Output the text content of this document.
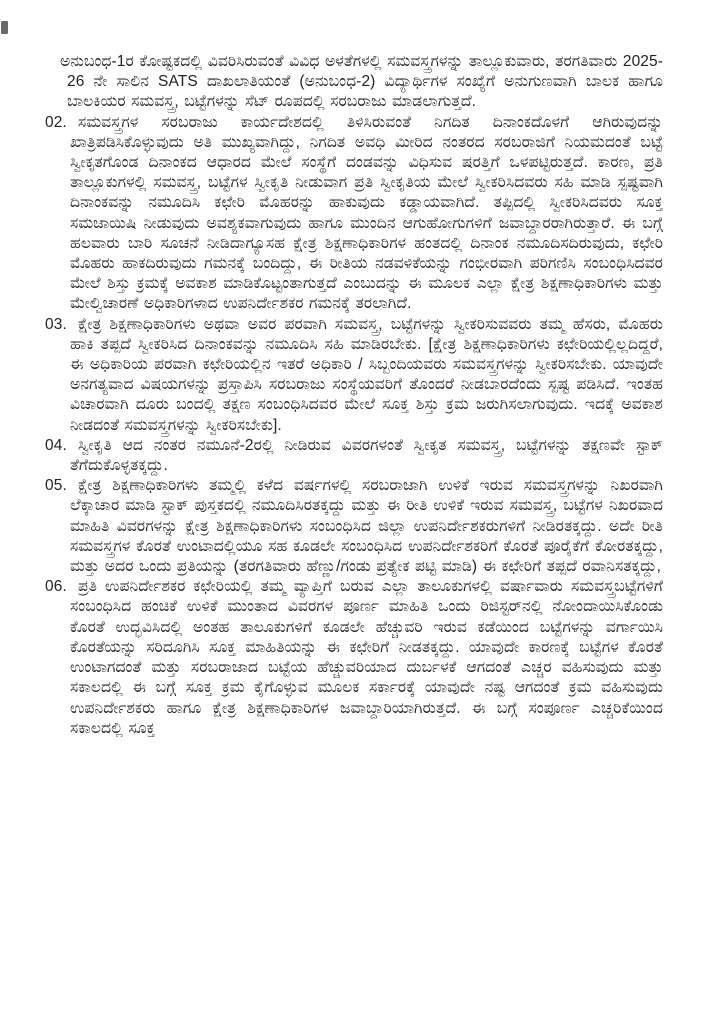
ಅನುಬಂಧ-1ರ ಕೋಷ್ಟಕದಲ್ಲಿ ವಿವರಿಸಿರುವಂತೆ ವಿವಿಧ ಅಳತೆಗಳಲ್ಲಿ ಸಮವಸ್ತ್ರಗಳನ್ನು ತಾಲ್ಲೂಕುವಾರು, ತರಗತಿವಾರು 2025-26 ನೇ ಸಾಲಿನ SATS ದಾಖಲಾತಿಯಂತೆ (ಅನುಬಂಧ-2) ವಿದ್ಯಾರ್ಥಿಗಳ ಸಂಖ್ಯೆಗೆ ಅನುಗುಣವಾಗಿ ಬಾಲಕ ಹಾಗೂ ಬಾಲಕಿಯರ ಸಮವಸ್ತ್ರ, ಬಟ್ಟೆಗಳನ್ನು ಸೆಟ್ ರೂಪದಲ್ಲಿ ಸರಬರಾಜು ಮಾಡಲಾಗುತ್ತದೆ.
02. ಸಮವಸ್ತ್ರಗಳ ಸರಬರಾಜು ಕಾರ್ಯದೇಶದಲ್ಲಿ ತಿಳಿಸಿರುವಂತೆ ನಿಗದಿತ ದಿನಾಂಕದೊಳಗೆ ಆಗಿರುವುದನ್ನು ಖಾತ್ರಿಪಡಿಸಿಕೊಳ್ಳುವುದು ಅತಿ ಮುಖ್ಯವಾಗಿದ್ದು, ನಿಗದಿತ ಅವಧಿ ಮೀರಿದ ನಂತರದ ಸರಬರಾಜಿಗೆ ನಿಯಮದಂತೆ ಬಟ್ಟೆ ಸ್ವೀಕೃತಗೊಂಡ ದಿನಾಂಕದ ಆಧಾರದ ಮೇಲೆ ಸಂಸ್ಥೆಗೆ ದಂಡವನ್ನು ವಿಧಿಸುವ ಷರತ್ತಿಗೆ ಒಳಪಟ್ಟಿರುತ್ತದೆ. ಕಾರಣ, ಪ್ರತಿ ತಾಲ್ಲೂಕುಗಳಲ್ಲಿ ಸಮವಸ್ತ್ರ, ಬಟ್ಟೆಗಳ ಸ್ವೀಕೃತಿ ನೀಡುವಾಗ ಪ್ರತಿ ಸ್ವೀಕೃತಿಯ ಮೇಲೆ ಸ್ವೀಕರಿಸಿದವರು ಸಹಿ ಮಾಡಿ ಸ್ಪಷ್ಟವಾಗಿ ದಿನಾಂಕವನ್ನು ನಮೂದಿಸಿ ಕಛೇರಿ ಮೊಹರನ್ನು ಹಾಕುವುದು ಕಡ್ಡಾಯವಾಗಿದೆ. ತಪ್ಪಿದಲ್ಲಿ ಸ್ವೀಕರಿಸಿದವರು ಸೂಕ್ತ ಸಮಜಾಯಿಷಿ ನೀಡುವುದು ಅವಶ್ಯಕವಾಗುವುದು ಹಾಗೂ ಮುಂದಿನ ಆಗುಹೋಗುಗಳಿಗೆ ಜವಾಬ್ದಾರರಾಗಿರುತ್ತಾರೆ. ಈ ಬಗ್ಗೆ ಹಲವಾರು ಬಾರಿ ಸೂಚನೆ ನೀಡಿದಾಗ್ಯೂಸಹ ಕ್ಷೇತ್ರ ಶಿಕ್ಷಣಾಧಿಕಾರಿಗಳ ಹಂತದಲ್ಲಿ ದಿನಾಂಕ ನಮೂದಿಸದಿರುವುದು, ಕಛೇರಿ ಮೊಹರು ಹಾಕದಿರುವುದು ಗಮನಕ್ಕೆ ಬಂದಿದ್ದು, ಈ ರೀತಿಯ ನಡವಳಿಕೆಯನ್ನು ಗಂಭೀರವಾಗಿ ಪರಿಗಣಿಸಿ ಸಂಬಂಧಿಸಿದವರ ಮೇಲೆ ಶಿಸ್ತು ಕ್ರಮಕ್ಕೆ ಅವಕಾಶ ಮಾಡಿಕೊಟ್ಟಂತಾಗುತ್ತದೆ ಎಂಬುದನ್ನು ಈ ಮೂಲಕ ಎಲ್ಲಾ ಕ್ಷೇತ್ರ ಶಿಕ್ಷಣಾಧಿಕಾರಿಗಳು ಮತ್ತು ಮೇಲ್ವಿಚಾರಣೆ ಅಧಿಕಾರಿಗಳಾದ ಉಪನಿರ್ದೇಶಕರ ಗಮನಕ್ಕೆ ತರಲಾಗಿದೆ.
03. ಕ್ಷೇತ್ರ ಶಿಕ್ಷಣಾಧಿಕಾರಿಗಳು ಅಥವಾ ಅವರ ಪರವಾಗಿ ಸಮವಸ್ತ್ರ, ಬಟ್ಟೆಗಳನ್ನು ಸ್ವೀಕರಿಸುವವರು ತಮ್ಮ ಹೆಸರು, ಮೊಹರು ಹಾಕಿ ತಪ್ಪದೆ ಸ್ವೀಕರಿಸಿದ ದಿನಾಂಕವನ್ನು ನಮೂದಿಸಿ ಸಹಿ ಮಾಡಿರಬೇಕು. [ಕ್ಷೇತ್ರ ಶಿಕ್ಷಣಾಧಿಕಾರಿಗಳು ಕಛೇರಿಯಲ್ಲಿಲ್ಲದಿದ್ದರೆ, ಈ ಅಧಿಕಾರಿಯ ಪರವಾಗಿ ಕಛೇರಿಯಲ್ಲಿನ ಇತರೆ ಅಧಿಕಾರಿ / ಸಿಬ್ಬಂದಿಯವರು ಸಮವಸ್ತ್ರಗಳನ್ನು ಸ್ವೀಕರಿಸಬೇಕು. ಯಾವುದೇ ಅನಗತ್ಯವಾದ ವಿಷಯಗಳನ್ನು ಪ್ರಸ್ತಾಪಿಸಿ ಸರಬರಾಜು ಸಂಸ್ಥೆಯವರಿಗೆ ತೊಂದರೆ ನೀಡಬಾರದೆಂದು ಸ್ಪಷ್ಟ ಪಡಿಸಿದೆ. ಇಂತಹ ವಿಚಾರವಾಗಿ ದೂರು ಬಂದಲ್ಲಿ ತಕ್ಷಣ ಸಂಬಂಧಿಸಿದವರ ಮೇಲೆ ಸೂಕ್ತ ಶಿಸ್ತು ಕ್ರಮ ಜರುಗಿಸಲಾಗುವುದು. ಇದಕ್ಕೆ ಅವಕಾಶ ನೀಡದಂತೆ ಸಮವಸ್ತ್ರಗಳನ್ನು ಸ್ವೀಕರಿಸಬೇಕು].
04. ಸ್ವೀಕೃತಿ ಆದ ನಂತರ ನಮೂನೆ-2ರಲ್ಲಿ ನೀಡಿರುವ ವಿವರಗಳಂತೆ ಸ್ವೀಕೃತ ಸಮವಸ್ತ್ರ, ಬಟ್ಟೆಗಳನ್ನು ತಕ್ಷಣವೇ ಸ್ಟಾಕ್ ತೆಗೆದುಕೊಳ್ಳತಕ್ಕದ್ದು.
05. ಕ್ಷೇತ್ರ ಶಿಕ್ಷಣಾಧಿಕಾರಿಗಳು ತಮ್ಮಲ್ಲಿ ಕಳೆದ ವರ್ಷಗಳಲ್ಲಿ ಸರಬರಾಜಾಗಿ ಉಳಿಕೆ ಇರುವ ಸಮವಸ್ತ್ರಗಳನ್ನು ನಿಖರವಾಗಿ ಲೆಕ್ಕಾಚಾರ ಮಾಡಿ ಸ್ಟಾಕ್ ಪುಸ್ತಕದಲ್ಲಿ ನಮೂದಿಸಿರತಕ್ಕದ್ದು ಮತ್ತು ಈ ರೀತಿ ಉಳಿಕೆ ಇರುವ ಸಮವಸ್ತ್ರ, ಬಟ್ಟೆಗಳ ನಿಖರವಾದ ಮಾಹಿತಿ ವಿವರಗಳನ್ನು ಕ್ಷೇತ್ರ ಶಿಕ್ಷಣಾಧಿಕಾರಿಗಳು ಸಂಬಂಧಿಸಿದ ಜಿಲ್ಲಾ ಉಪನಿರ್ದೇಶಕರುಗಳಿಗೆ ನೀಡಿರತಕ್ಕದ್ದು. ಅದೇ ರೀತಿ ಸಮವಸ್ತ್ರಗಳ ಕೊರತೆ ಉಂಟಾದಲ್ಲಿಯೂ ಸಹ ಕೂಡಲೇ ಸಂಬಂಧಿಸಿದ ಉಪನಿರ್ದೇಶಕರಿಗೆ ಕೊರತೆ ಪೂರೈಕೆಗೆ ಕೋರತಕ್ಕದ್ದು, ಮತ್ತು ಅದರ ಒಂದು ಪ್ರತಿಯನ್ನು (ತರಗತಿವಾರು ಹೆಣ್ಣು/ಗಂಡು ಪ್ರತ್ಯೇಕ ಪಟ್ಟಿ ಮಾಡಿ) ಈ ಕಛೇರಿಗೆ ತಪ್ಪದೆ ರವಾನಿಸತಕ್ಕದ್ದು,
06. ಪ್ರತಿ ಉಪನಿರ್ದೇಶಕರ ಕಛೇರಿಯಲ್ಲಿ ತಮ್ಮ ವ್ಯಾಪ್ತಿಗೆ ಬರುವ ಎಲ್ಲಾ ತಾಲೂಕುಗಳಲ್ಲಿ ವರ್ಷಾವಾರು ಸಮವಸ್ತ್ರಬಟ್ಟೆಗಳಿಗೆ ಸಂಬಂಧಿಸಿದ ಹಂಚಿಕೆ ಉಳಿಕೆ ಮುಂತಾದ ವಿವರಗಳ ಪೂರ್ಣ ಮಾಹಿತಿ ಒಂದು ರಿಜಿಸ್ಟರ್‌ನಲ್ಲಿ ನೋಂದಾಯಿಸಿಕೊಂಡು ಕೊರತೆ ಉದ್ಭವಿಸಿದಲ್ಲಿ ಅಂತಹ ತಾಲೂಕುಗಳಿಗೆ ಕೂಡಲೇ ಹೆಚ್ಚುವರಿ ಇರುವ ಕಡೆಯಿಂದ ಬಟ್ಟೆಗಳನ್ನು ವರ್ಗಾಯಿಸಿ ಕೊರತೆಯನ್ನು ಸರಿದೂಗಿಸಿ ಸೂಕ್ತ ಮಾಹಿತಿಯನ್ನು ಈ ಕಛೇರಿಗೆ ನೀಡತಕ್ಕದ್ದು. ಯಾವುದೇ ಕಾರಣಕ್ಕೆ ಬಟ್ಟೆಗಳ ಕೊರತೆ ಉಂಟಾಗದಂತೆ ಮತ್ತು ಸರಬರಾಜಾದ ಬಟ್ಟೆಯ ಹೆಚ್ಚುವರಿಯಾದ ದುರ್ಬಳಕೆ ಆಗದಂತೆ ಎಚ್ಚರ ವಹಿಸುವುದು ಮತ್ತು ಸಕಾಲದಲ್ಲಿ ಈ ಬಗ್ಗೆ ಸೂಕ್ತ ಕ್ರಮ ಕೈಗೊಳ್ಳುವ ಮೂಲಕ ಸರ್ಕಾರಕ್ಕೆ ಯಾವುದೇ ನಷ್ಟ ಆಗದಂತೆ ಕ್ರಮ ವಹಿಸುವುದು ಉಪನಿರ್ದೇಶಕರು ಹಾಗೂ ಕ್ಷೇತ್ರ ಶಿಕ್ಷಣಾಧಿಕಾರಿಗಳ ಜವಾಬ್ದಾರಿಯಾಗಿರುತ್ತದೆ. ಈ ಬಗ್ಗೆ ಸಂಪೂರ್ಣ ಎಚ್ಚರಿಕೆಯಿಂದ ಸಕಾಲದಲ್ಲಿ ಸೂಕ್ತ
